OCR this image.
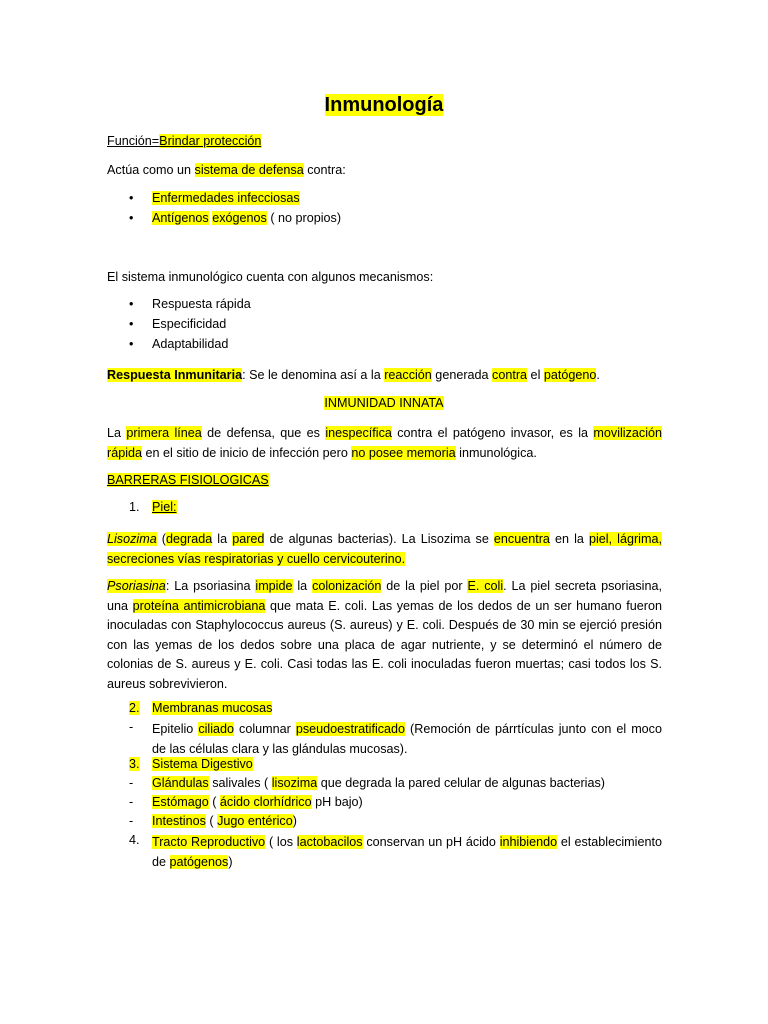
Inmunología
Función=Brindar protección
Actúa como un sistema de defensa contra:
• Enfermedades infecciosas
• Antígenos exógenos ( no propios)
El sistema inmunológico cuenta con algunos mecanismos:
• Respuesta rápida
• Especificidad
• Adaptabilidad
Respuesta Inmunitaria: Se le denomina así a la reacción generada contra el patógeno.
INMUNIDAD INNATA
La primera línea de defensa, que es inespecífica contra el patógeno invasor, es la movilización rápida en el sitio de inicio de infección pero no posee memoria inmunológica.
BARRERAS FISIOLOGICAS
1. Piel:
Lisozima (degrada la pared de algunas bacterias). La Lisozima se encuentra en la piel, lágrima, secreciones vías respiratorias y cuello cervicouterino.
Psoriasina: La psoriasina impide la colonización de la piel por E. coli. La piel secreta psoriasina, una proteína antimicrobiana que mata E. coli. Las yemas de los dedos de un ser humano fueron inoculadas con Staphylococcus aureus (S. aureus) y E. coli. Después de 30 min se ejerció presión con las yemas de los dedos sobre una placa de agar nutriente, y se determinó el número de colonias de S. aureus y E. coli. Casi todas las E. coli inoculadas fueron muertas; casi todos los S. aureus sobrevivieron.
2. Membranas mucosas
- Epitelio ciliado columnar pseudoestratificado (Remoción de párrtículas junto con el moco de las células clara y las glándulas mucosas).
3. Sistema Digestivo
- Glándulas salivales ( lisozima que degrada la pared celular de algunas bacterias)
- Estómago ( ácido clorhídrico pH bajo)
- Intestinos ( Jugo entérico)
4. Tracto Reproductivo ( los lactobacilos conservan un pH ácido inhibiendo el establecimiento de patógenos)
